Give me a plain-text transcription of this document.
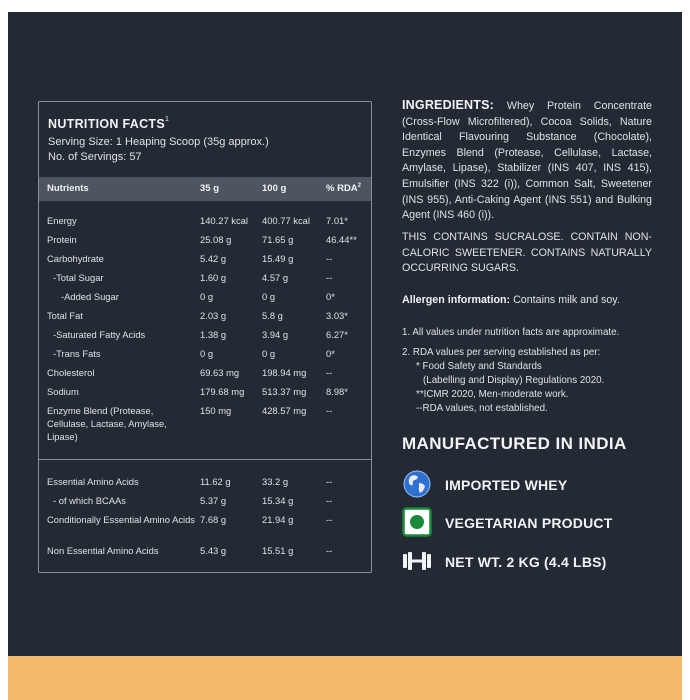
NUTRITION FACTS$^1$
Serving Size: 1 Heaping Scoop (35g approx.)
No. of Servings: 57
Nutrients	35 g	100 g	% RDA$^2$
Energy	140.27 kcal 400.77 kcal 7.01*
Protein	25.08 g	71.65 g	46.44**
Carbohydrate	5.42 g	15.49 g	--
-Total Sugar	1.60 g	4.57 g	--
-Added Sugar	0 g	0 g	0*
Total Fat	2.03 g	5.8 g	3.03*
-Saturated Fatty Acids	1.38 g	3.94 g	6.27*
-Trans Fats	0 g	0 g	0*
Cholesterol	69.63 mg 198.94 mg --
Sodium	179.68 mg 513.37 mg 8.98*
Enzyme Blend (Protease, Cellulase, Lactase, Amylase, Lipase)
150 mg	428.57 mg --
Essential Amino Acids	11.62 g	33.2 g	--
- of which BCAAs	5.37 g	15.34 g	--
Conditionally Essential Amino Acids 7.68 g	21.94 g	--
Non Essential Amino Acids	5.43 g	15.51 g	--
INGREDIENTS: Whey Protein Concentrate (Cross-Flow Microfiltered), Cocoa Solids, Nature Identical Flavouring Substance (Chocolate), Enzymes Blend (Protease, Cellulase, Lactase, Amylase, Lipase), Stabilizer (INS 407, INS 415), Emulsifier (INS 322 (i)), Common Salt, Sweetener (INS 955), Anti-Caking Agent (INS 551) and Bulking Agent (INS 460 (i)).
THIS CONTAINS SUCRALOSE. CONTAIN NON-CALORIC SWEETENER. CONTAINS NATURALLY OCCURRING SUGARS.
Allergen information: Contains milk and soy.
1. All values under nutrition facts are approximate.
2. RDA values per serving established as per:
* Food Safety and Standards
(Labelling and Display) Regulations 2020.
**ICMR 2020, Men-moderate work.
--RDA values, not established.
MANUFACTURED IN INDIA
IMPORTED WHEY
VEGETARIAN PRODUCT
NET WT. 2 KG (4.4 LBS)
